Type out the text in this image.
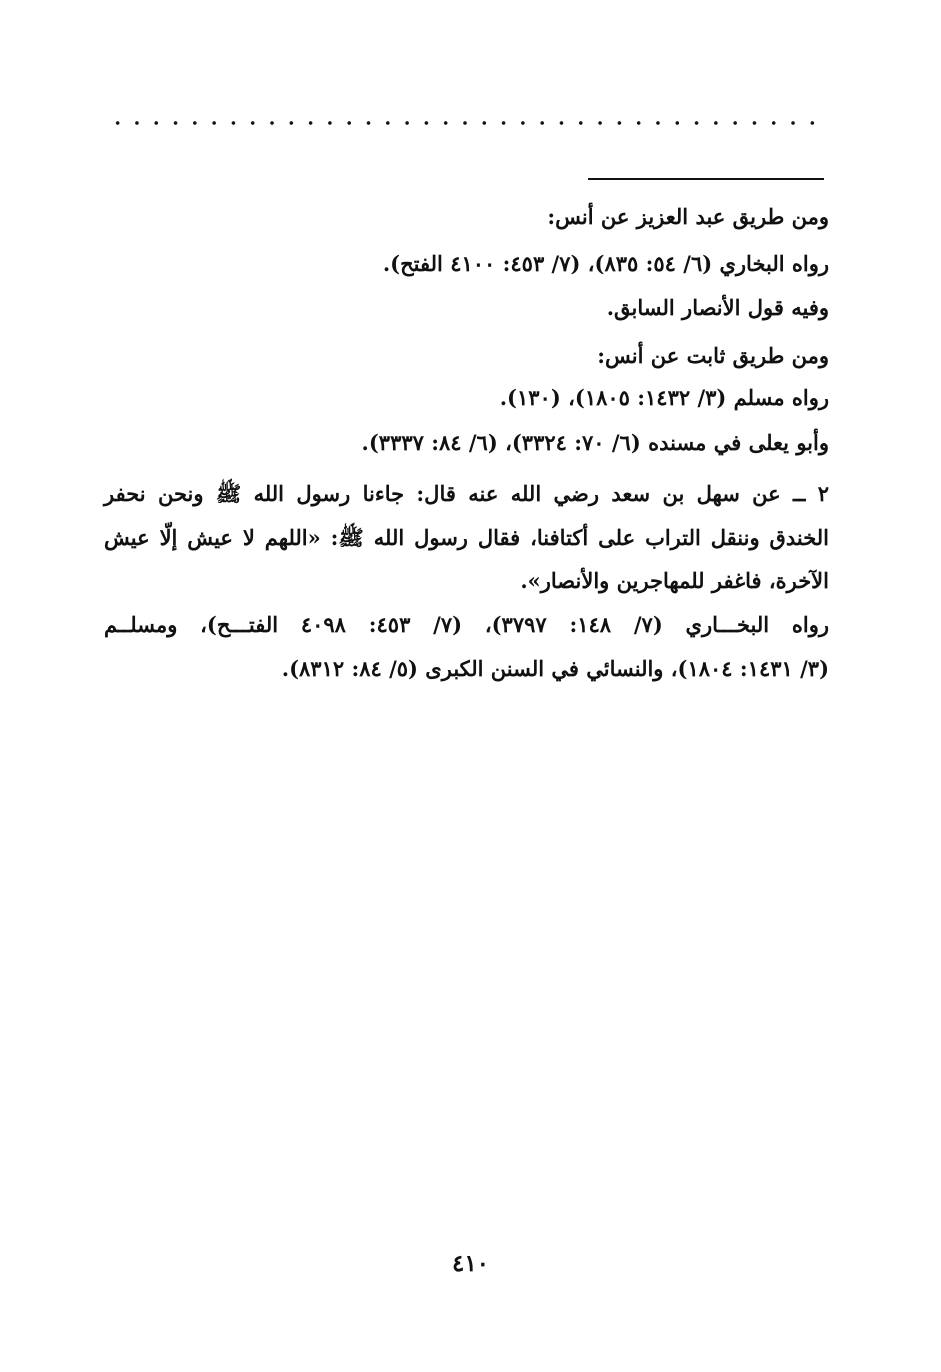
ومن طريق عبد العزيز عن أنس:
رواه البخاري (٦/ ٥٤: ٨٣٥)، (٧/ ٤٥٣: ٤١٠٠ الفتح).
وفيه قول الأنصار السابق.
ومن طريق ثابت عن أنس:
رواه مسلم (٣/ ١٤٣٢: ١٨٠٥)، (١٣٠).
وأبو يعلى في مسنده (٦/ ٧٠: ٣٣٢٤)، (٦/ ٨٤: ٣٣٣٧).
٢ ــ عن سهل بن سعد رضي الله عنه قال: جاءنا رسول الله ﷺ ونحن نحفر
الخندق وننقل التراب على أكتافنا، فقال رسول الله ﷺ: «اللهم لا عيش إلّا عيش
الآخرة، فاغفر للمهاجرين والأنصار».
رواه البخـــاري (٧/ ١٤٨: ٣٧٩٧)، (٧/ ٤٥٣: ٤٠٩٨ الفتـــح)، ومسلــم
(٣/ ١٤٣١: ١٨٠٤)، والنسائي في السنن الكبرى (٥/ ٨٤: ٨٣١٢).
٤١٠
